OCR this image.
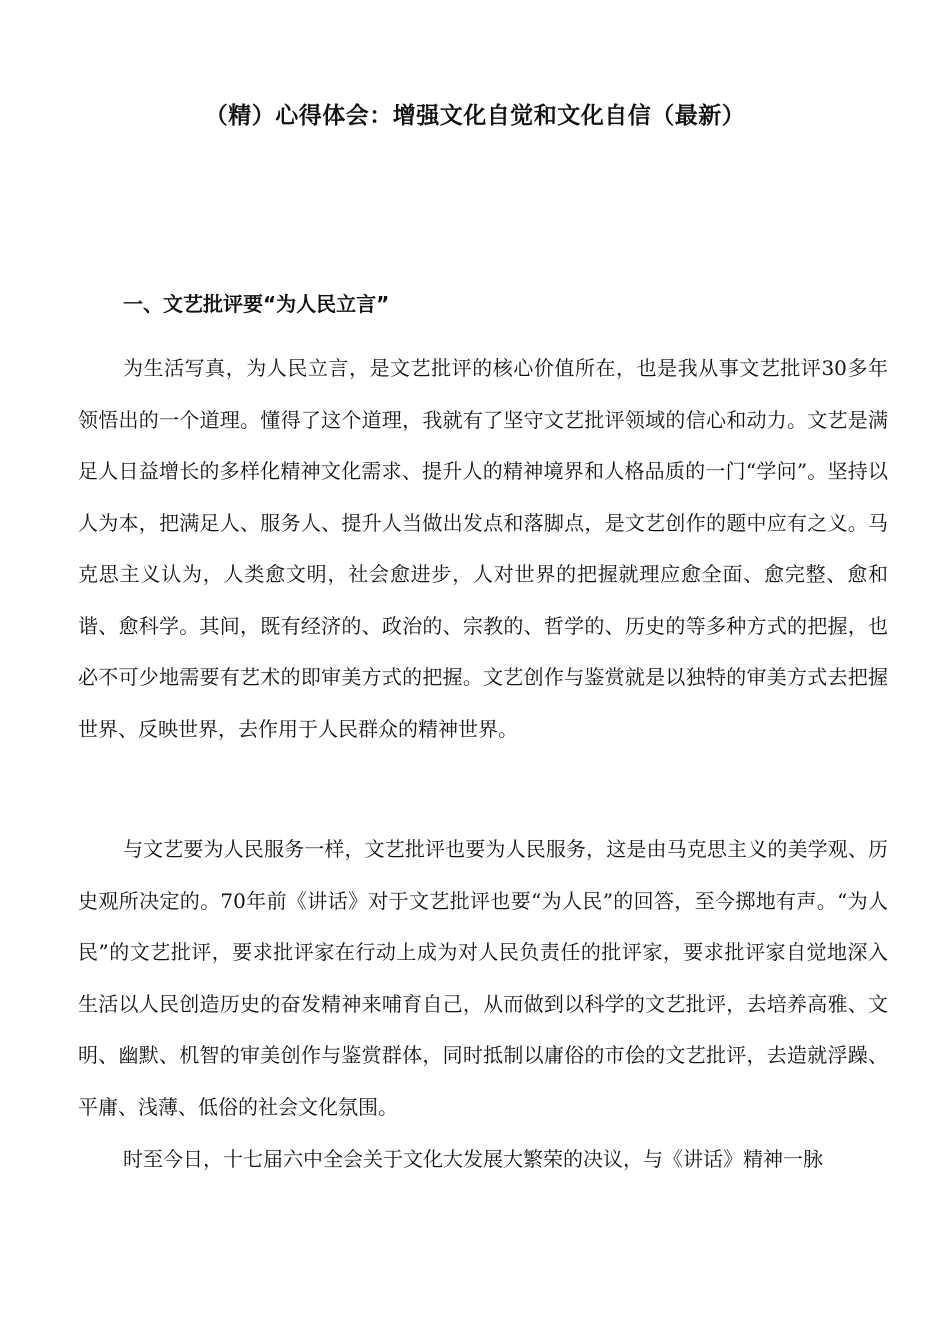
（精）心得体会：增强文化自觉和文化自信（最新）
一、文艺批评要“为人民立言”

为生活写真，为人民立言，是文艺批评的核心价值所在，也是我从事文艺批评30多年领悟出的一个道理。懂得了这个道理，我就有了坚守文艺批评领域的信心和动力。文艺是满足人日益增长的多样化精神文化需求、提升人的精神境界和人格品质的一门“学问”。坚持以人为本，把满足人、服务人、提升人当做出发点和落脚点，是文艺创作的题中应有之义。马克思主义认为，人类愈文明，社会愈进步，人对世界的把握就理应愈全面、愈完整、愈和谐、愈科学。其间，既有经济的、政治的、宗教的、哲学的、历史的等多种方式的把握，也必不可少地需要有艺术的即审美方式的把握。文艺创作与鉴赏就是以独特的审美方式去把握世界、反映世界，去作用于人民群众的精神世界。

与文艺要为人民服务一样，文艺批评也要为人民服务，这是由马克思主义的美学观、历史观所决定的。70年前《讲话》对于文艺批评也要“为人民”的回答，至今掷地有声。“为人民”的文艺批评，要求批评家在行动上成为对人民负责任的批评家，要求批评家自觉地深入生活以人民创造历史的奋发精神来哺育自己，从而做到以科学的文艺批评，去培养高雅、文明、幽默、机智的审美创作与鉴赏群体，同时抵制以庸俗的市侩的文艺批评，去造就浮躁、平庸、浅薄、低俗的社会文化氛围。

时至今日，十七届六中全会关于文化大发展大繁荣的决议，与《讲话》精神一脉
